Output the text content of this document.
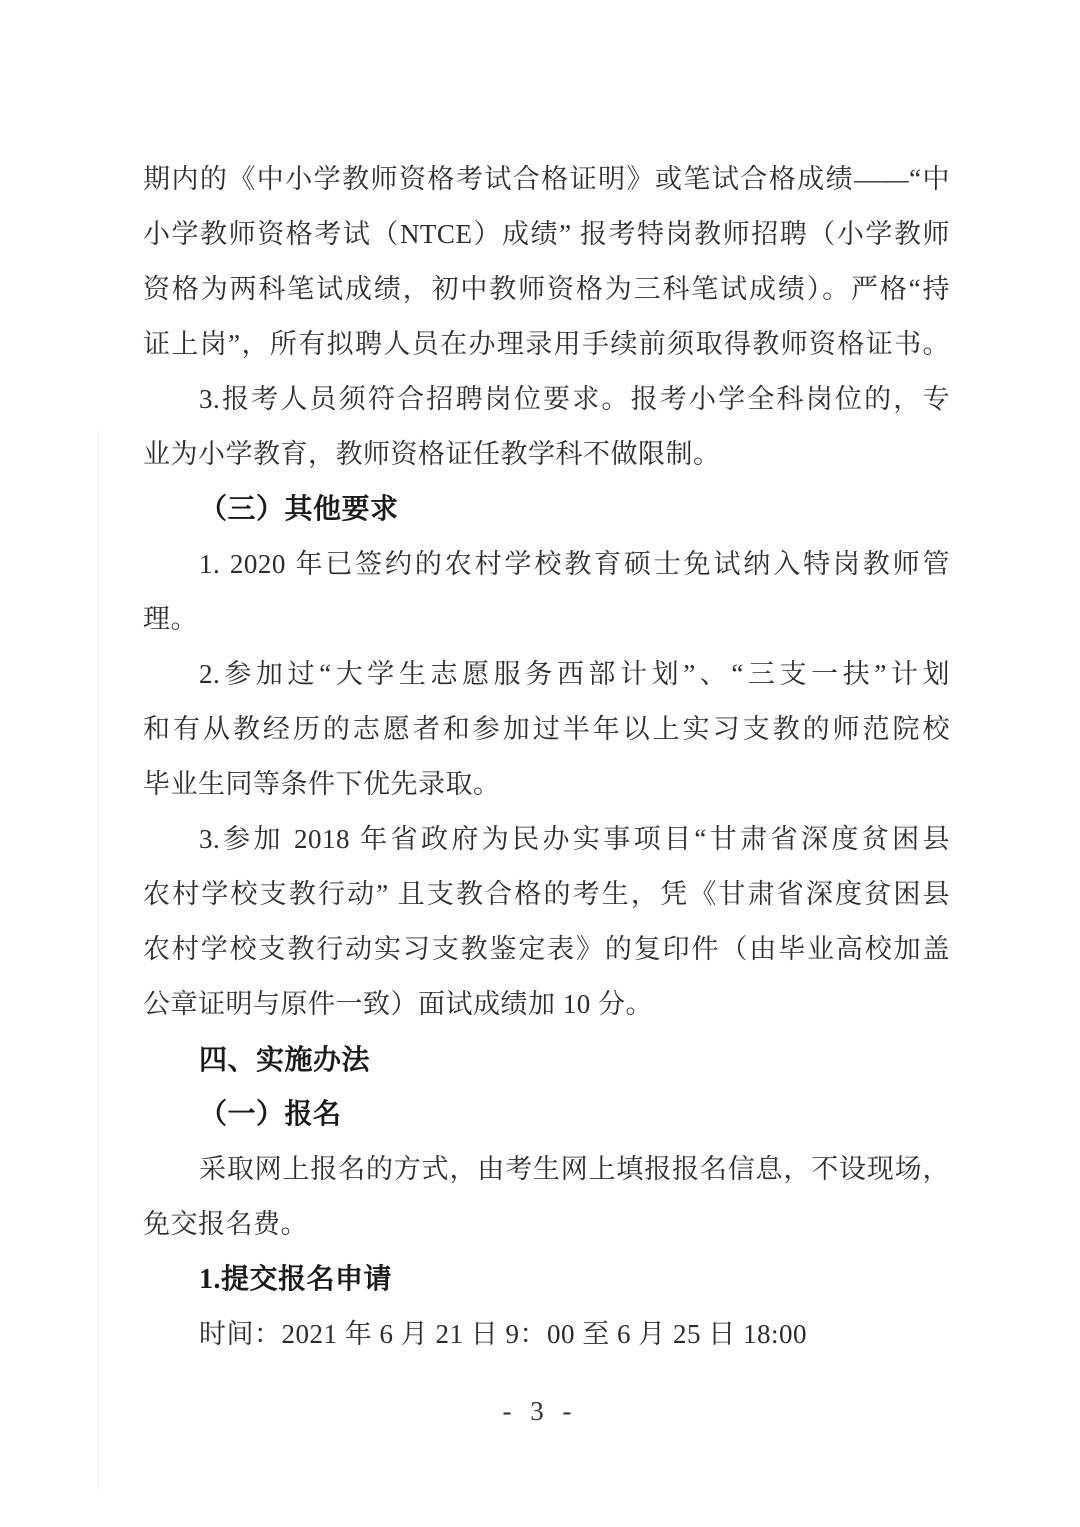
期内的《中小学教师资格考试合格证明》或笔试合格成绩——“中
小学教师资格考试（NTCE）成绩” 报考特岗教师招聘（小学教师
资格为两科笔试成绩，初中教师资格为三科笔试成绩）。严格“持
证上岗”，所有拟聘人员在办理录用手续前须取得教师资格证书。
3.报考人员须符合招聘岗位要求。报考小学全科岗位的，专
业为小学教育，教师资格证任教学科不做限制。
（三）其他要求
1. 2020 年已签约的农村学校教育硕士免试纳入特岗教师管
理。
2.参加过“大学生志愿服务西部计划”、“三支一扶”计划
和有从教经历的志愿者和参加过半年以上实习支教的师范院校
毕业生同等条件下优先录取。
3.参加 2018 年省政府为民办实事项目“甘肃省深度贫困县
农村学校支教行动” 且支教合格的考生，凭《甘肃省深度贫困县
农村学校支教行动实习支教鉴定表》的复印件（由毕业高校加盖
公章证明与原件一致）面试成绩加 10 分。
四、实施办法
（一）报名
采取网上报名的方式，由考生网上填报报名信息，不设现场，
免交报名费。
1.提交报名申请
时间：2021 年 6 月 21 日 9：00 至 6 月 25 日 18:00
- 3 -
